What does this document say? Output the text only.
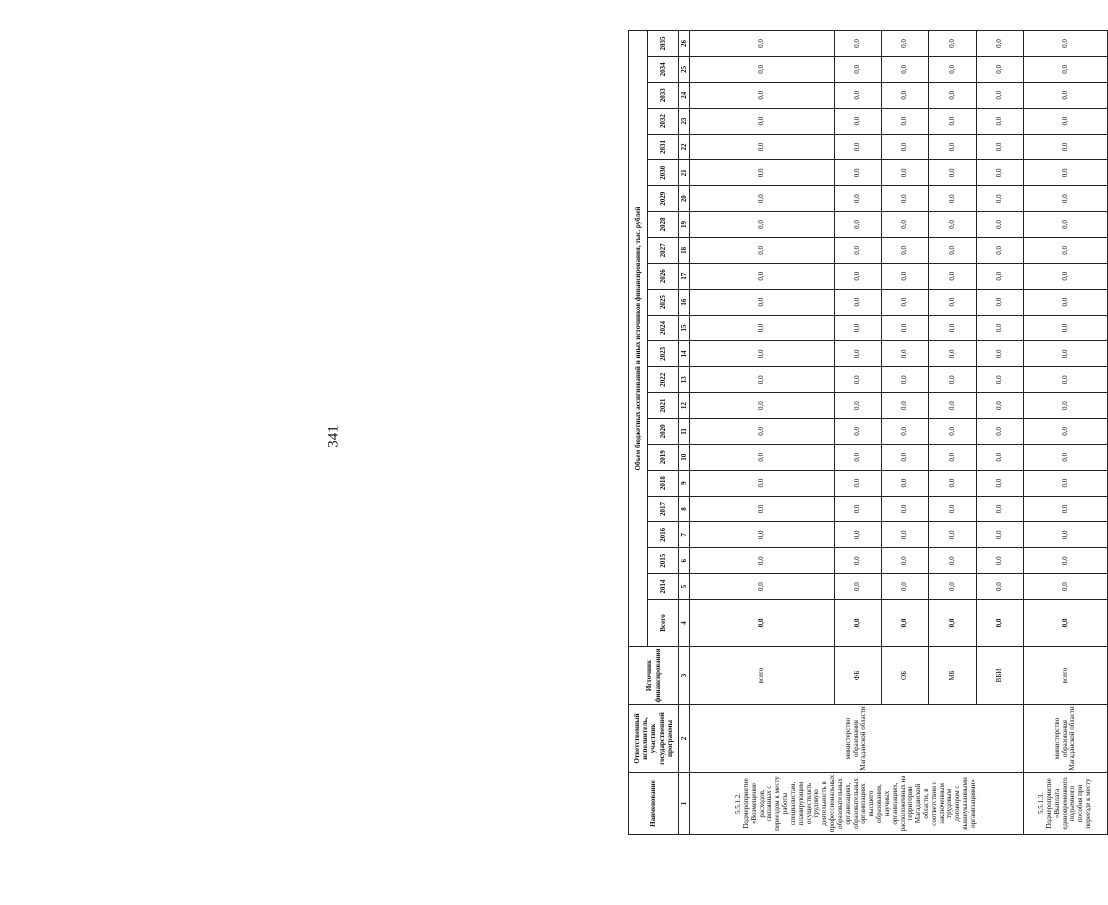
341
Наименование	Ответственный исполнитель, участник государственной программы	Источник финансирования	Объем бюджетных ассигнований и иных источников финансирования, тыс. рублей																						
			Всего	2014	2015	2016	2017	2018	2019	2020	2021	2022	2023	2024	2025	2026	2027	2028	2029	2030	2031	2032	2033	2034	2035
1	2	3	4	5	6	7	8	9	10	11	12	13	14	15	16	17	18	19	20	21	22	23	24	25	26
5.5.1.2. Подмероприятие «Возмещение расходов, связанных с переездом к месту работы специалистам, планирующим осуществлять трудовую деятельность в профессиональных образовательных организациях, образовательных организациях высшего образования, научных организациях, расположенных на территории Магаданской области, в соответствии с заключенным трудовым договором с вышеуказанными организациями»	министерство образования Магаданской области	всего	0,0	0,0	0,0	0,0	0,0	0,0	0,0	0,0	0,0	0,0	0,0	0,0	0,0	0,0	0,0	0,0	0,0	0,0	0,0	0,0	0,0	0,0	0,0
		ФБ	0,0	0,0	0,0	0,0	0,0	0,0	0,0	0,0	0,0	0,0	0,0	0,0	0,0	0,0	0,0	0,0	0,0	0,0	0,0	0,0	0,0	0,0	0,0
		ОБ	0,0	0,0	0,0	0,0	0,0	0,0	0,0	0,0	0,0	0,0	0,0	0,0	0,0	0,0	0,0	0,0	0,0	0,0	0,0	0,0	0,0	0,0	0,0
		МБ	0,0	0,0	0,0	0,0	0,0	0,0	0,0	0,0	0,0	0,0	0,0	0,0	0,0	0,0	0,0	0,0	0,0	0,0	0,0	0,0	0,0	0,0	0,0
		ВБИ	0,0	0,0	0,0	0,0	0,0	0,0	0,0	0,0	0,0	0,0	0,0	0,0	0,0	0,0	0,0	0,0	0,0	0,0	0,0	0,0	0,0	0,0	0,0
5.5.1.3. Подмероприятие «Выплата единовременного подъемного пособия при переезде к месту	министерство образования Магаданской области	всего	0,0	0,0	0,0	0,0	0,0	0,0	0,0	0,0	0,0	0,0	0,0	0,0	0,0	0,0	0,0	0,0	0,0	0,0	0,0	0,0	0,0	0,0	0,0
